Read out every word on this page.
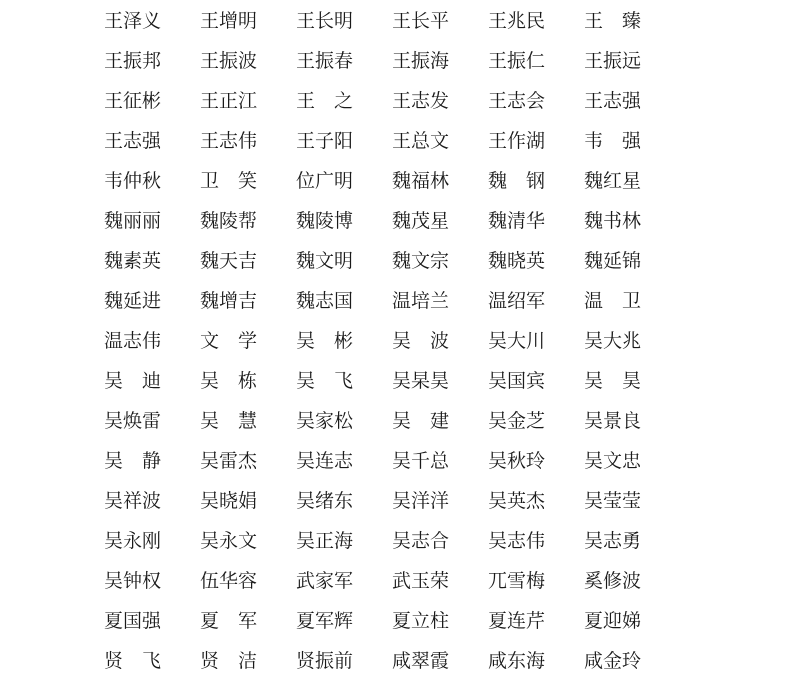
王泽义	王增明	王长明	王长平	王兆民	王臻
王振邦	王振波	王振春	王振海	王振仁	王振远
王征彬	王正江	王之	王志发	王志会	王志强
王志强	王志伟	王子阳	王总文	王作湖	韦强
韦仲秋	卫笑	位广明	魏福林	魏钢	魏红星
魏丽丽	魏陵帮	魏陵博	魏茂星	魏清华	魏书林
魏素英	魏天吉	魏文明	魏文宗	魏晓英	魏延锦
魏延进	魏增吉	魏志国	温培兰	温绍军	温卫
温志伟	文学	吴彬	吴波	吴大川	吴大兆
吴迪	吴栋	吴飞	吴杲昊	吴国宾	吴昊
吴焕雷	吴慧	吴家松	吴建	吴金芝	吴景良
吴静	吴雷杰	吴连志	吴千总	吴秋玲	吴文忠
吴祥波	吴晓娟	吴绪东	吴洋洋	吴英杰	吴莹莹
吴永刚	吴永文	吴正海	吴志合	吴志伟	吴志勇
吴钟权	伍华容	武家军	武玉荣	兀雪梅	奚修波
夏国强	夏军	夏军辉	夏立柱	夏连芹	夏迎娣
贤飞	贤洁	贤振前	咸翠霞	咸东海	咸金玲
